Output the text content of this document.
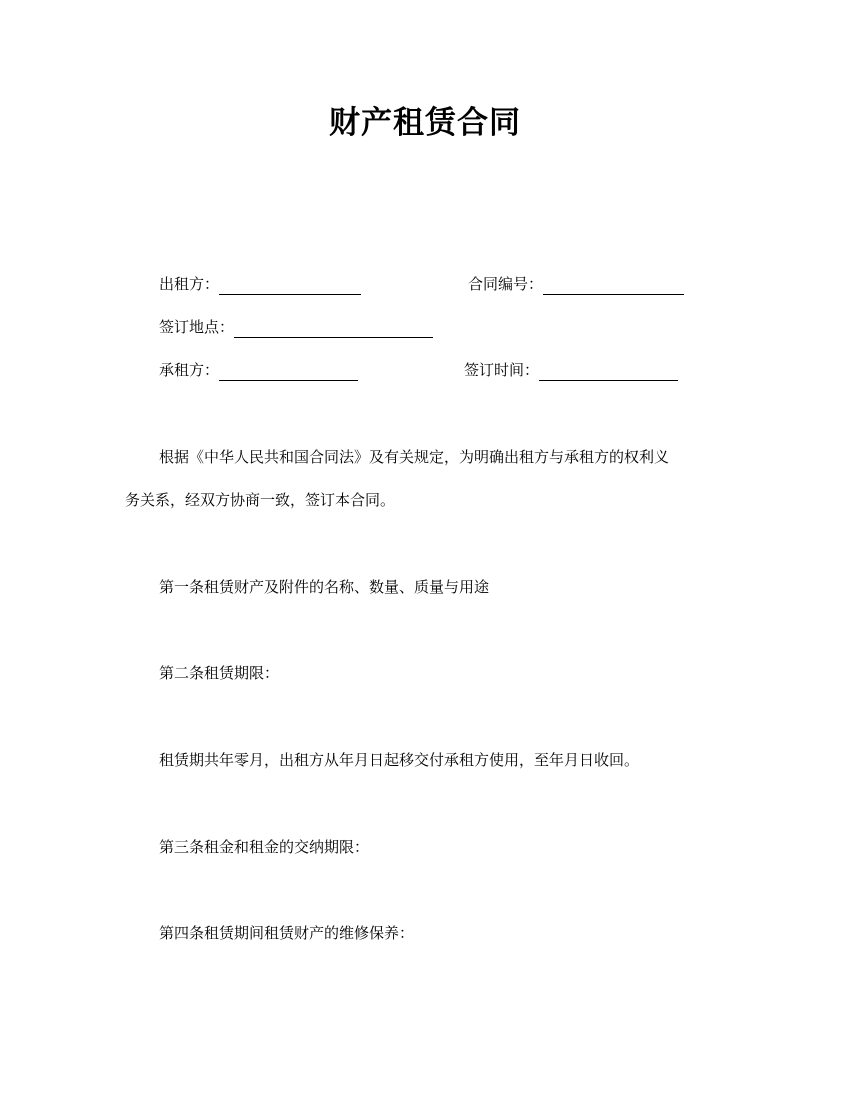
财产租赁合同
出租方：	合同编号：
签订地点：
承租方：	签订时间：
根据《中华人民共和国合同法》及有关规定，为明确出租方与承租方的权利义
务关系，经双方协商一致，签订本合同。
第一条租赁财产及附件的名称、数量、质量与用途
第二条租赁期限：
租赁期共年零月，出租方从年月日起移交付承租方使用，至年月日收回。
第三条租金和租金的交纳期限：
第四条租赁期间租赁财产的维修保养：
